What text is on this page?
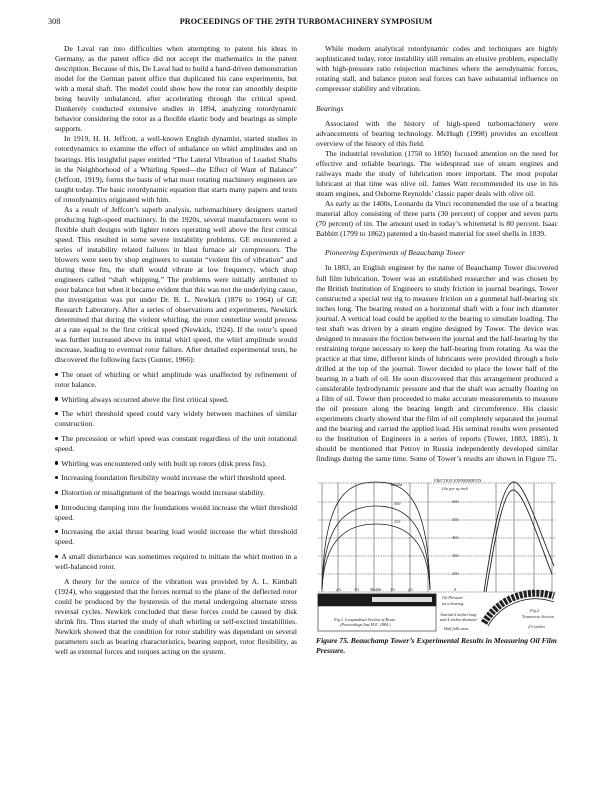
308	PROCEEDINGS OF THE 29TH TURBOMACHINERY SYMPOSIUM

De Laval ran into difficulties when attempting to patent his ideas in Germany, as the patent office did not accept the mathematics in the patent description. Because of this, De Laval had to build a hand-driven demonstration model for the German patent office that duplicated his cane experiments, but with a metal shaft. The model could show how the rotor ran smoothly despite being heavily unbalanced, after accelerating through the critical speed. Dunkerely conducted extensive studies in 1894, analyzing rotordynamic behavior considering the rotor as a flexible elastic body and bearings as simple supports.

In 1919, H. H. Jeffcott, a well-known English dynamist, started studies in rotordynamics to examine the effect of unbalance on whirl amplitudes and on bearings. His insightful paper entitled “The Lateral Vibration of Loaded Shafts in the Neighborhood of a Whirling Speed—the Effect of Want of Balance” (Jeffcott, 1919), forms the basis of what most rotating machinery engineers are taught today. The basic rotordynamic equation that starts many papers and texts of rotordynamics originated with him.

As a result of Jeffcott’s superb analysis, turbomachinery designers started producing high-speed machinery. In the 1920s, several manufacturers went to flexible shaft designs with lighter rotors operating well above the first critical speed. This resulted in some severe instability problems. GE encountered a series of instability related failures in blast furnace air compressors. The blowers were seen by shop engineers to sustain “violent fits of vibration” and during these fits, the shaft would vibrate at low frequency, which shop engineers called “shaft whipping.” The problems were initially attributed to poor balance but when it became evident that this was not the underlying cause, the investigation was put under Dr. B. L. Newkirk (1876 to 1964) of GE Research Laboratory. After a series of observations and experiments, Newkirk determined that during the violent whirling, the rotor centerline would precess at a rate equal to the first critical speed (Newkirk, 1924). If the rotor’s speed was further increased above its initial whirl speed, the whirl amplitude would increase, leading to eventual rotor failure. After detailed experimental tests, he discovered the following facts (Gunter, 1966):

The onset of whirling or whirl amplitude was unaffected by refinement of rotor balance.

Whirling always occurred above the first critical speed.

The whirl threshold speed could vary widely between machines of similar construction.

The precession or whirl speed was constant regardless of the unit rotational speed.

Whirling was encountered only with built up rotors (disk press fits).

Increasing foundation flexibility would increase the whirl threshold speed.

Distortion or misalignment of the bearings would increase stability.

Introducing damping into the foundations would increase the whirl threshold speed.

Increasing the axial thrust bearing load would increase the whirl threshold speed.

A small disturbance was sometimes required to initiate the whirl motion in a well-balanced rotor.

A theory for the source of the vibration was provided by A. L. Kimball (1924), who suggested that the forces normal to the plane of the deflected rotor could be produced by the hysteresis of the metal undergoing alternate stress reversal cycles. Newkirk concluded that these forces could be caused by disk shrink fits. Thus started the study of shaft whirling or self-excited instabilities. Newkirk showed that the condition for rotor stability was dependant on several parameters such as bearing characteristics, bearing support, rotor flexibility, as well as external forces and torques acting on the system.

While modern analytical rotordynamic codes and techniques are highly sophisticated today, rotor instability still remains an elusive problem, especially with high-pressure ratio reinjection machines where the aerodynamic forces, rotating stall, and balance piston seal forces can have substantial influence on compressor stability and vibration.

Bearings

Associated with the history of high-speed turbomachinery were advancements of bearing technology. McHugh (1998) provides an excellent overview of the history of this field.

The industrial revolution (1750 to 1850) focused attention on the need for effective and reliable bearings. The widespread use of steam engines and railways made the study of lubrication more important. The most popular lubricant at that time was olive oil. James Watt recommended its use in his steam engines, and Osborne Reynolds’ classic paper deals with olive oil.

As early as the 1400s, Leonardo da Vinci recommended the use of a bearing material alloy consisting of three parts (30 percent) of copper and seven parts (70 percent) of tin. The amount used in today’s whitemetal is 80 percent. Isaac Babbitt (1799 to 1862) patented a tin-based material for steel shells in 1839.

Pioneering Experiments of Beauchamp Tower

In 1883, an English engineer by the name of Beauchamp Tower discovered full film lubrication. Tower was an established researcher and was chosen by the British Institution of Engineers to study friction in journal bearings. Tower constructed a special test rig to measure friction on a gunmetal half-bearing six inches long. The bearing rested on a horizontal shaft with a four inch diameter journal. A vertical load could be applied to the bearing to simulate loading. The test shaft was driven by a steam engine designed by Tower. The device was designed to measure the friction between the journal and the half-bearing by the restraining torque necessary to keep the half-bearing from rotating. As was the practice at that time, different kinds of lubricants were provided through a hole drilled at the top of the journal. Tower decided to place the lower half of the bearing in a bath of oil. He soon discovered that this arrangement produced a considerable hydrodynamic pressure and that the shaft was actually floating on a film of oil. Tower then proceeded to make accurate measurements to measure the oil pressure along the bearing length and circumference. His classic experiments clearly showed that the film of oil completely separated the journal and the bearing and carried the applied load. His seminal results were presented to the Institution of Engineers in a series of reports (Tower, 1883, 1885). It should be mentioned that Petrov in Russia independently developed similar findings during the same time. Some of Tower’s results are shown in Figure 75.

FRICTION EXPERIMENTS
Lbs per sq inch
600
500
400
300
200
0
Oil Pressure
on a bearing.
Journal 6 inches long
and 4 inches diameter
Half fulls area.
Fig.1. Longitudinal Section of Brass.
(Proceedings Inst.M.E. 1884.)
2½	1½	Middle 1½	2½
625lbs
500
333
Fig.2
Transverse Section
2½ inches
Figure 75. Beauchamp Tower’s Experimental Results in Measuring Oil Film Pressure.
